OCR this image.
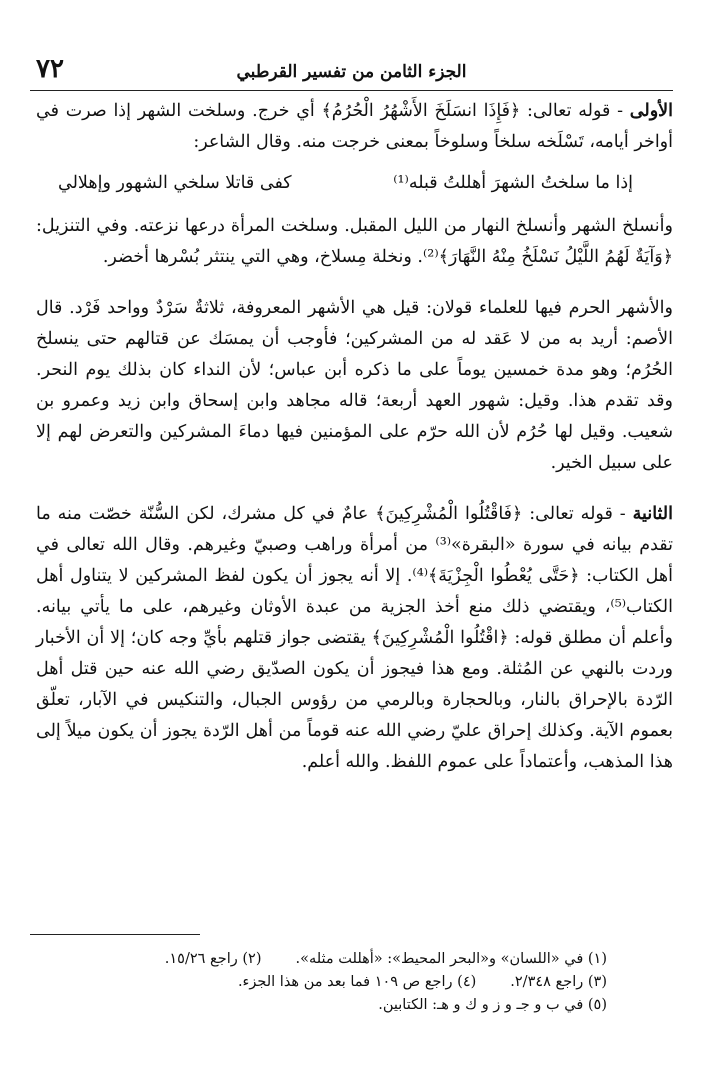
٧٢	الجزء الثامن من تفسير القرطبي

الأولى - قوله تعالى: ﴿فَإِذَا انسَلَخَ الأَشْهُرُ الْحُرُمُ﴾ أي خرج. وسلخت الشهر إذا صرت في أواخر أيامه، تَسْلَخه سلخاً وسلوخاً بمعنى خرجت منه. وقال الشاعر:

إذا ما سلختُ الشهرَ أهللتُ قبله⁽¹⁾
كفى قاتلا سلخي الشهور وإهلالي

وأنسلخ الشهر وأنسلخ النهار من الليل المقبل. وسلخت المرأة درعها نزعته. وفي التنزيل: ﴿وَآيَةٌ لَهُمُ اللَّيْلُ نَسْلَخُ مِنْهُ النَّهَارَ﴾⁽²⁾. ونخلة مِسلاخ، وهي التي ينتثر بُسْرها أخضر.

والأشهر الحرم فيها للعلماء قولان: قيل هي الأشهر المعروفة، ثلاثةٌ سَرْدٌ وواحد فَرْد. قال الأصم: أريد به من لا عَقد له من المشركين؛ فأوجب أن يمسَك عن قتالهم حتى ينسلخ الحُرُم؛ وهو مدة خمسين يوماً على ما ذكره أبن عباس؛ لأن النداء كان بذلك يوم النحر. وقد تقدم هذا. وقيل: شهور العهد أربعة؛ قاله مجاهد وابن إسحاق وابن زيد وعمرو بن شعيب. وقيل لها حُرُم لأن الله حرّم على المؤمنين فيها دماءَ المشركين والتعرض لهم إلا على سبيل الخير.

الثانية - قوله تعالى: ﴿فَاقْتُلُوا الْمُشْرِكِينَ﴾ عامٌ في كل مشرك، لكن السُّنّة خصّت منه ما تقدم بيانه في سورة «البقرة»⁽³⁾ من أمرأة وراهب وصبيّ وغيرهم. وقال الله تعالى في أهل الكتاب: ﴿حَتَّى يُعْطُوا الْجِزْيَةَ﴾⁽⁴⁾. إلا أنه يجوز أن يكون لفظ المشركين لا يتناول أهل الكتاب⁽⁵⁾، ويقتضي ذلك منع أخذ الجزية من عبدة الأوثان وغيرهم، على ما يأتي بيانه. وأعلم أن مطلق قوله: ﴿اقْتُلُوا الْمُشْرِكِينَ﴾ يقتضى جواز قتلهم بأيِّ وجه كان؛ إلا أن الأخبار وردت بالنهي عن المُثلة. ومع هذا فيجوز أن يكون الصدّيق رضي الله عنه حين قتل أهل الرّدة بالإحراق بالنار، وبالحجارة وبالرمي من رؤوس الجبال، والتنكيس في الآبار، تعلّق بعموم الآية. وكذلك إحراق عليّ رضي الله عنه قوماً من أهل الرّدة يجوز أن يكون ميلاً إلى هذا المذهب، وأعتماداً على عموم اللفظ. والله أعلم.

(١) في «اللسان» و«البحر المحيط»: «أهللت مثله».
(٢) راجع ١٥/٢٦.
(٣) راجع ٢/٣٤٨.
(٤) راجع ص ١٠٩ فما بعد من هذا الجزء.
(٥) في ب و جـ و ز و ك و هـ: الكتابين.
